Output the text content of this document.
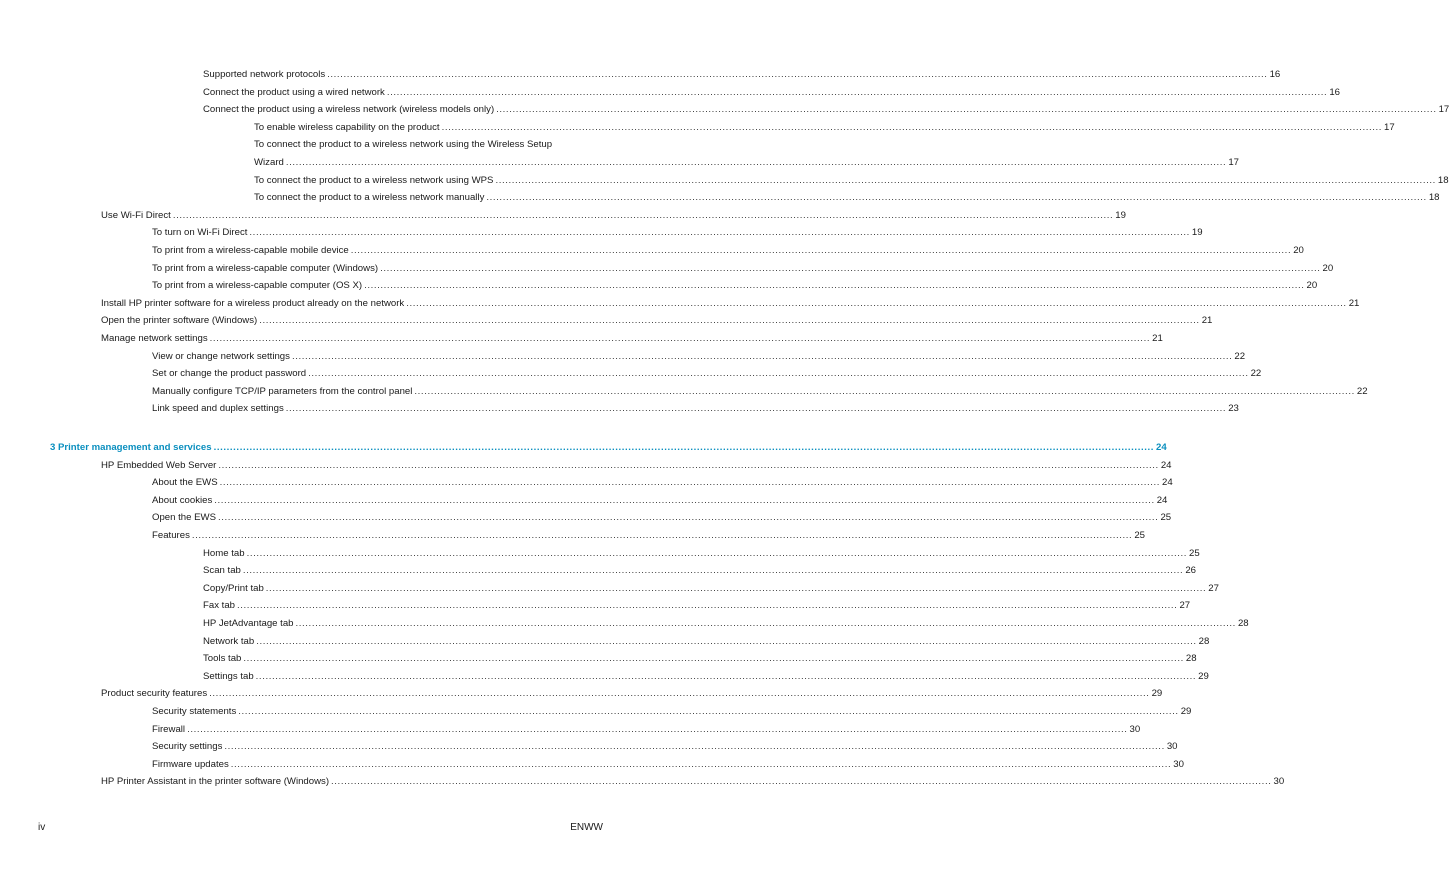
Supported network protocols .....	16
Connect the product using a wired network .....	16
Connect the product using a wireless network (wireless models only) .....	17
To enable wireless capability on the product .....	17
To connect the product to a wireless network using the Wireless Setup
Wizard .....	17
To connect the product to a wireless network using WPS .....	18
To connect the product to a wireless network manually .....	18
Use Wi-Fi Direct .....	19
To turn on Wi-Fi Direct .....	19
To print from a wireless-capable mobile device .....	20
To print from a wireless-capable computer (Windows) .....	20
To print from a wireless-capable computer (OS X) .....	20
Install HP printer software for a wireless product already on the network .....	21
Open the printer software (Windows) .....	21
Manage network settings .....	21
View or change network settings .....	22
Set or change the product password .....	22
Manually configure TCP/IP parameters from the control panel .....	22
Link speed and duplex settings .....	23
3 Printer management and services .....	24
HP Embedded Web Server .....	24
About the EWS .....	24
About cookies .....	24
Open the EWS .....	25
Features .....	25
Home tab .....	25
Scan tab .....	26
Copy/Print tab .....	27
Fax tab .....	27
HP JetAdvantage tab .....	28
Network tab .....	28
Tools tab .....	28
Settings tab .....	29
Product security features .....	29
Security statements .....	29
Firewall .....	30
Security settings .....	30
Firmware updates .....	30
HP Printer Assistant in the printer software (Windows) .....	30
iv	ENWW
